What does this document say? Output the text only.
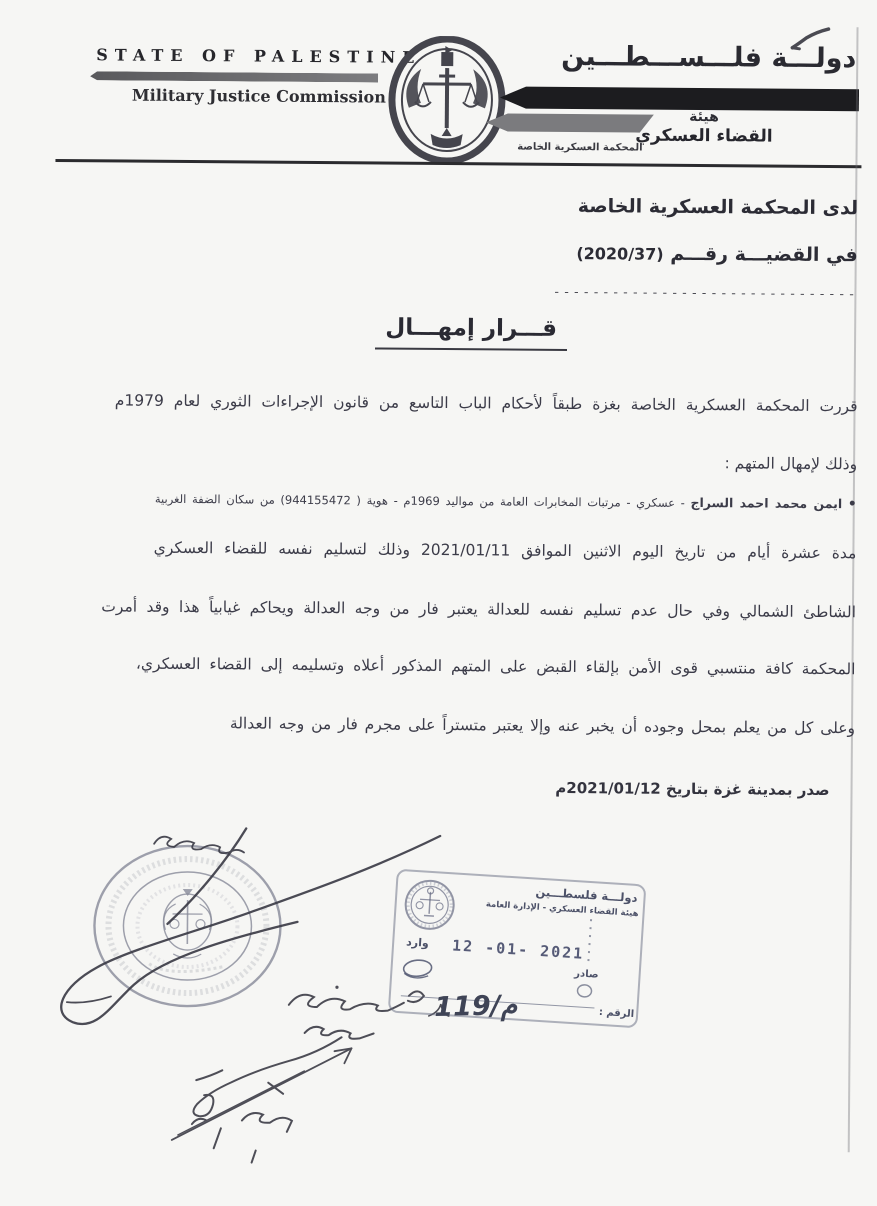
STATE OF PALESTINE
Military Justice Commission
دولـــة فلـــســـطـــين
هيئة
القضاء العسكري
المحكمة العسكرية الخاصة
لدى المحكمة العسكرية الخاصة
في القضيـــة رقـــم (2020/37)
-------------------------------
قـــرار إمهـــال
قررت المحكمة العسكرية الخاصة بغزة طبقاً لأحكام الباب التاسع من قانون الإجراءات الثوري لعام 1979م
وذلك لإمهال المتهم :
• ايمن محمد احمد السراج - عسكري - مرتبات المخابرات العامة من مواليد 1969م - هوية ( 944155472) من سكان الضفة الغربية
مدة عشرة أيام من تاريخ اليوم الاثنين الموافق 2021/01/11 وذلك لتسليم نفسه للقضاء العسكري
الشاطئ الشمالي وفي حال عدم تسليم نفسه للعدالة يعتبر فار من وجه العدالة ويحاكم غيابياً هذا وقد أمرت
المحكمة كافة منتسبي قوى الأمن بإلقاء القبض على المتهم المذكور أعلاه وتسليمه إلى القضاء العسكري،
وعلى كل من يعلم بمحل وجوده أن يخبر عنه وإلا يعتبر متستراً على مجرم فار من وجه العدالة
صدر بمدينة غزة بتاريخ 2021/01/12م
دولـــة فلسطـــين
هيئة القضاء العسكري - الإدارة العامة
12 -01- 2021
وارد
صادر
الرقم :
م/119
